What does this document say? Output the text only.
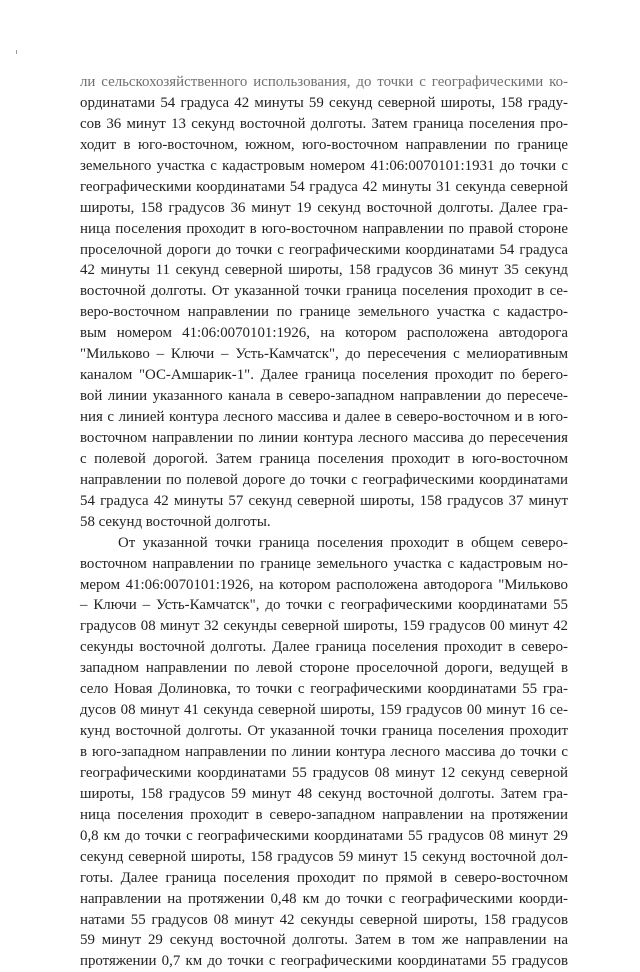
ли сельскохозяйственного использования, до точки с географическими ко-
ординатами 54 градуса 42 минуты 59 секунд северной широты, 158 граду-
сов 36 минут 13 секунд восточной долготы. Затем граница поселения про-
ходит в юго-восточном, южном, юго-восточном направлении по границе
земельного участка с кадастровым номером 41:06:0070101:1931 до точки с
географическими координатами 54 градуса 42 минуты 31 секунда северной
широты, 158 градусов 36 минут 19 секунд восточной долготы. Далее гра-
ница поселения проходит в юго-восточном направлении по правой стороне
проселочной дороги до точки с географическими координатами 54 градуса
42 минуты 11 секунд северной широты, 158 градусов 36 минут 35 секунд
восточной долготы. От указанной точки граница поселения проходит в се-
веро-восточном направлении по границе земельного участка с кадастро-
вым номером 41:06:0070101:1926, на котором расположена автодорога
"Мильково – Ключи – Усть-Камчатск", до пересечения с мелиоративным
каналом "ОС-Амшарик-1". Далее граница поселения проходит по берего-
вой линии указанного канала в северо-западном направлении до пересече-
ния с линией контура лесного массива и далее в северо-восточном и в юго-
восточном направлении по линии контура лесного массива до пересечения
с полевой дорогой. Затем граница поселения проходит в юго-восточном
направлении по полевой дороге до точки с географическими координатами
54 градуса 42 минуты 57 секунд северной широты, 158 градусов 37 минут
58 секунд восточной долготы.
От указанной точки граница поселения проходит в общем северо-
восточном направлении по границе земельного участка с кадастровым но-
мером 41:06:0070101:1926, на котором расположена автодорога "Мильково
– Ключи – Усть-Камчатск", до точки с географическими координатами 55
градусов 08 минут 32 секунды северной широты, 159 градусов 00 минут 42
секунды восточной долготы. Далее граница поселения проходит в северо-
западном направлении по левой стороне проселочной дороги, ведущей в
село Новая Долиновка, то точки с географическими координатами 55 гра-
дусов 08 минут 41 секунда северной широты, 159 градусов 00 минут 16 се-
кунд восточной долготы. От указанной точки граница поселения проходит
в юго-западном направлении по линии контура лесного массива до точки с
географическими координатами 55 градусов 08 минут 12 секунд северной
широты, 158 градусов 59 минут 48 секунд восточной долготы. Затем гра-
ница поселения проходит в северо-западном направлении на протяжении
0,8 км до точки с географическими координатами 55 градусов 08 минут 29
секунд северной широты, 158 градусов 59 минут 15 секунд восточной дол-
готы. Далее граница поселения проходит по прямой в северо-восточном
направлении на протяжении 0,48 км до точки с географическими коорди-
натами 55 градусов 08 минут 42 секунды северной широты, 158 градусов
59 минут 29 секунд восточной долготы. Затем в том же направлении на
протяжении 0,7 км до точки с географическими координатами 55 градусов
